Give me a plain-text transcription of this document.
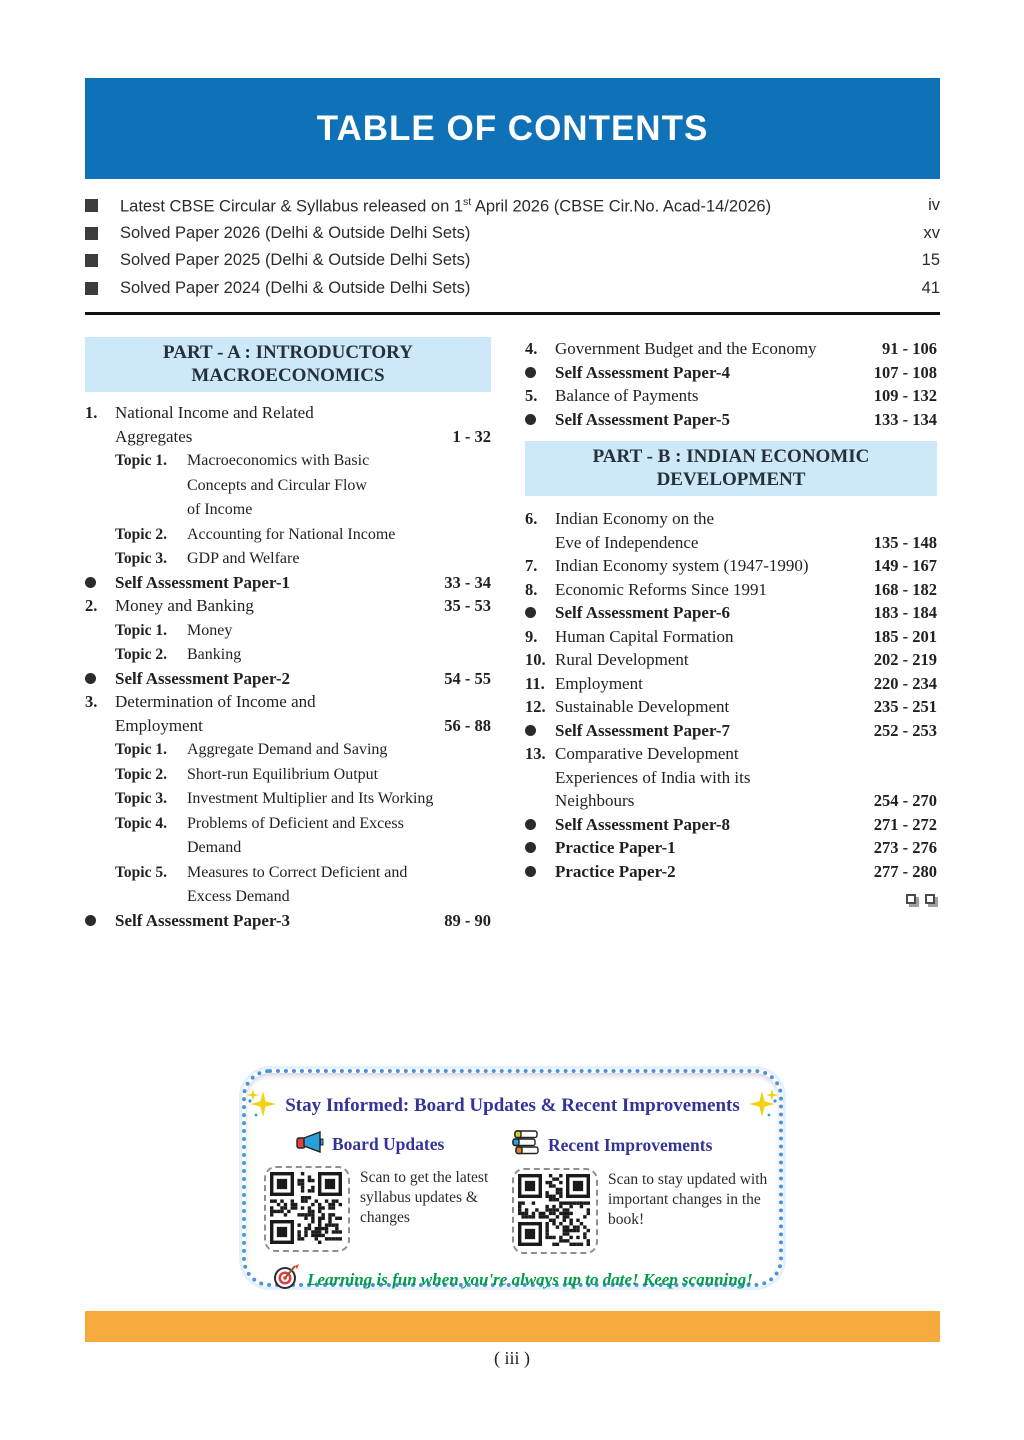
TABLE OF CONTENTS
Latest CBSE Circular & Syllabus released on 1st April 2026 (CBSE Cir.No. Acad-14/2026)	iv
Solved Paper 2026 (Delhi & Outside Delhi Sets)	xv
Solved Paper 2025 (Delhi & Outside Delhi Sets)	15
Solved Paper 2024 (Delhi & Outside Delhi Sets)	41
PART - A : INTRODUCTORY
MACROECONOMICS
1.	National Income and Related
Aggregates	1 - 32
Topic 1. Macroeconomics with Basic
Concepts and Circular Flow
of Income
Topic 2. Accounting for National Income
Topic 3. GDP and Welfare
Self Assessment Paper-1	33 - 34
2.	Money and Banking	35 - 53
Topic 1. Money
Topic 2. Banking
Self Assessment Paper-2	54 - 55
3.	Determination of Income and
Employment	56 - 88
Topic 1. Aggregate Demand and Saving
Topic 2. Short-run Equilibrium Output
Topic 3. Investment Multiplier and Its Working
Topic 4. Problems of Deficient and Excess
Demand
Topic 5. Measures to Correct Deficient and
Excess Demand
Self Assessment Paper-3	89 - 90
4.	Government Budget and the Economy	91 - 106
Self Assessment Paper-4	107 - 108
5.	Balance of Payments	109 - 132
Self Assessment Paper-5	133 - 134
PART - B : INDIAN ECONOMIC
DEVELOPMENT
6.	Indian Economy on the
Eve of Independence	135 - 148
7.	Indian Economy system (1947-1990)	149 - 167
8.	Economic Reforms Since 1991	168 - 182
Self Assessment Paper-6	183 - 184
9.	Human Capital Formation	185 - 201
10. Rural Development	202 - 219
11. Employment	220 - 234
12. Sustainable Development	235 - 251
Self Assessment Paper-7	252 - 253
13. Comparative Development
Experiences of India with its
Neighbours	254 - 270
Self Assessment Paper-8	271 - 272
Practice Paper-1	273 - 276
Practice Paper-2	277 - 280
Stay Informed: Board Updates & Recent Improvements
Board Updates
Scan to get the latest syllabus updates & changes
Recent Improvements
Scan to stay updated with important changes in the book!
Learning is fun when you're always up to date! Keep scanning!
( iii )
